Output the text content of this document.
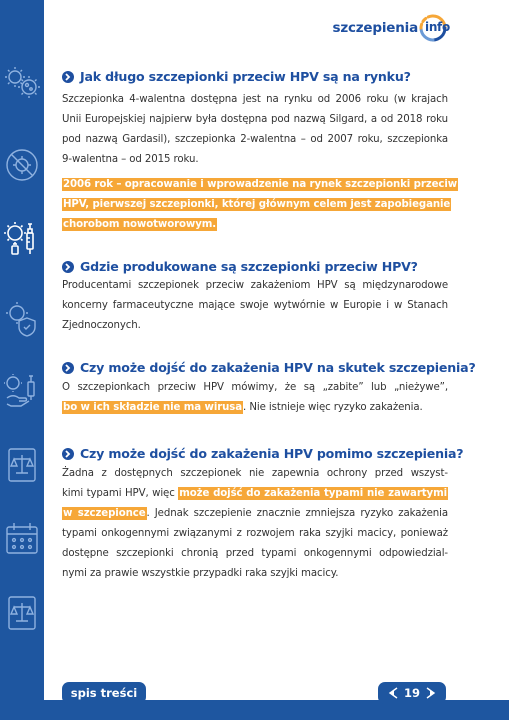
szczepienia info
Jak długo szczepionki przeciw HPV są na rynku?
Szczepionka 4-walentna dostępna jest na rynku od 2006 roku (w krajach
Unii Europejskiej najpierw była dostępna pod nazwą Silgard, a od 2018 roku
pod nazwą Gardasil), szczepionka 2-walentna – od 2007 roku, szczepionka
9-walentna – od 2015 roku.
2006 rok – opracowanie i wprowadzenie na rynek szczepionki przeciw
HPV, pierwszej szczepionki, której głównym celem jest zapobieganie
chorobom nowotworowym.
Gdzie produkowane są szczepionki przeciw HPV?
Producentami szczepionek przeciw zakażeniom HPV są międzynarodowe
koncerny farmaceutyczne mające swoje wytwórnie w Europie i w Stanach
Zjednoczonych.
Czy może dojść do zakażenia HPV na skutek szczepienia?
O szczepionkach przeciw HPV mówimy, że są „zabite” lub „nieżywe”,
bo w ich składzie nie ma wirusa. Nie istnieje więc ryzyko zakażenia.
Czy może dojść do zakażenia HPV pomimo szczepienia?
Żadna z dostępnych szczepionek nie zapewnia ochrony przed wszyst-
kimi typami HPV, więc może dojść do zakażenia typami nie zawartymi
w szczepionce. Jednak szczepienie znacznie zmniejsza ryzyko zakażenia
typami onkogennymi związanymi z rozwojem raka szyjki macicy, ponieważ
dostępne szczepionki chronią przed typami onkogennymi odpowiedzial-
nymi za prawie wszystkie przypadki raka szyjki macicy.
spis treści	19
